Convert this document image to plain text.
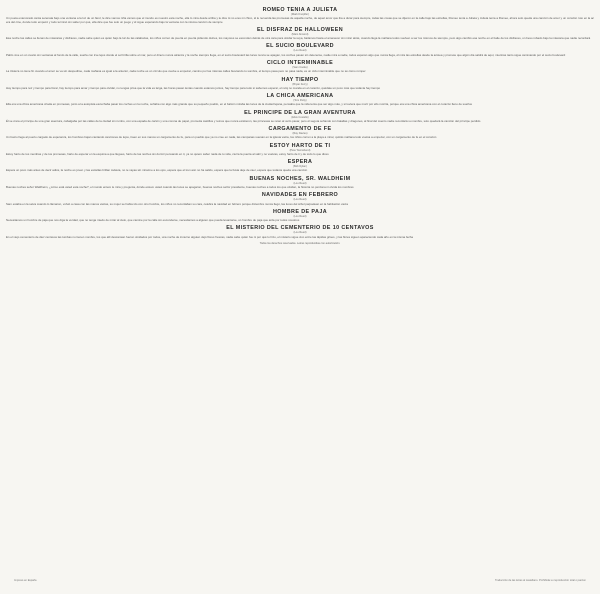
ROMEO TENIA A JULIETA
(Mark Knopfler)
Un poeta enamorado canta serenata bajo una ventana a la luz de un farol, le dice vamos niña vamos que el mundo es nuestro esta noche, ella lo mira desde arriba y le dice tú no eres mi chico, él le recuerda las promesas de aquella noche, de aquel amor que iba a durar para siempre, todas las cosas que se dijeron en la calle bajo las estrellas, Romeo tenía a Julieta y Julieta tenía a Romeo, ahora solo queda una canción de amor y un corazón roto en la acera del cine, donde todo empezó y todo terminó sin saber por qué, ella dice que fue solo un juego y él sigue esperando bajo la ventana con la misma canción de siempre
EL DISFRAZ DE HALLOWEEN
(Marc Almond)
Esa noche las calles se llenan de máscaras y disfraces, nadie sabe quién es quién bajo la luz de las calabazas, los niños corren de puerta en puerta pidiendo dulces, los mayores se esconden detrás de otra cara para olvidar la suya, bailamos hasta el amanecer sin mirar atrás, cuando llega la mañana todos vuelven a ser los mismos de siempre, pero algo cambió esa noche en el baile de los disfraces, un beso robado bajo la máscara que nadie recordará
EL SUCIO BOULEVARD
(Lou Reed)
Pablo vive en un cuarto sin ventanas al fondo de la calle, sueña con irse lejos donde el sol brilla sobre el mar, pero el dinero nunca alcanza y la noche siempre llega, en el sucio boulevard las luces nunca se apagan, los coches pasan sin detenerse, nadie mira a nadie, todos esperan algo que nunca llega, él mira las estrellas desde la azotea y promete que algún día saldrá de aquí, mientras tanto sigue caminando por el sucio boulevard
CICLO INTERMINABLE
(Sam Cooke)
La tristeza no tiene fin cuando el amor se va sin despedirse, cada mañana es igual a la anterior, cada noche es un círculo que vuelve a empezar, camino por las mismas calles buscando tu sombra, el tiempo pasa pero no pasa nada, es un ciclo interminable que no sé cómo romper
HAY TIEMPO
(Bryan Ferry)
Hay tiempo para reír y tiempo para llorar, hay tiempo para amar y tiempo para olvidar, no tengas prisa que la vida es larga, las horas pasan lentas cuando estamos juntos, hay tiempo para todo si sabemos esperar, el reloj no manda en el corazón, quédate un poco más que todavía hay tiempo
LA CHICA AMERICANA
(Tom Petty)
Ella era una chica americana criada en promesas, junto a la autopista escuchaba pasar los coches en la noche, soñaba con algo más grande que su pequeño pueblo, en el balcón miraba las luces de la ciudad lejana, pensaba que la vida tenía que ser algo más, y si tuviera que morir por ello moriría, porque era una chica americana con el corazón lleno de sueños
EL PRINCIPE DE LA GRAN AVENTURA
(Elvis Costello)
Él se creía el príncipe de una gran aventura, cabalgaba por las calles de la ciudad sin rumbo, con una espada de cartón y una corona de papel, prometía castillos y reinos que nunca existieron, las princesas se reían al verlo pasar, pero él seguía soñando con batallas y dragones, al final del cuento nadie recordará su nombre, solo quedará la canción del príncipe perdido
CARGAMENTO DE FE
(Ray Davies)
Un barco llega al puerto cargado de esperanza, los hombres bajan cantando canciones de lejos, traen en sus manos un cargamento de fe, para un pueblo que ya no cree en nada, las campanas suenan en la iglesia vacía, los niños corren a la playa a mirar, quizás mañana todo vuelva a empezar, con un cargamento de fe en el corazón
ESTOY HARTO DE TI
(Pete Townshend)
Estoy harto de tus mentiras y de tus promesas, harto de esperar en la esquina a que llegues, harto de las noches sin dormir pensando en ti, ya no quiero saber nada de tu vida, cierra la puerta al salir y no vuelvas, estoy harto de ti y de todo lo que dices
ESPERA
(Bob Dylan)
Espera un poco más antes de decir adiós, la noche es joven y las estrellas brillan todavía, no te vayas sin mirarme a los ojos, espera que el tren aún no ha salido, espera que la lluvia deje de caer, espera que todavía queda una canción
BUENAS NOCHES, SR. WALDHEIM
(Lou Reed)
Buenas noches señor Waldheim, ¿cómo está usted esta noche?, el mundo entero le mira y pregunta, dónde estuvo usted cuando las luces se apagaron, buenas noches señor presidente, buenas noches a todos los que olvidan, la historia no perdona ni olvida los nombres
NAVIDADES EN FEBRERO
(Lou Reed)
Sam estaba en la selva cuando lo llamaron, volvió a casa con las manos vacías, su mujer se había ido con otro hombre, los niños no recordaban su cara, celebra la navidad en febrero porque diciembre nunca llegó, las luces del árbol parpadean en la habitación vacía
HOMBRE DE PAJA
(Lou Reed)
Necesitamos un hombre de paja que nos diga la verdad, que no tenga miedo de mirar al cielo, que camine por la calle sin esconderse, necesitamos a alguien que pueda levantarse, un hombre de paja que arda por todos nosotros
EL MISTERIO DEL CEMENTERIO DE 10 CENTAVOS
(Lou Reed)
En el viejo cementerio de diez centavos las tumbas no tienen nombre, los que allí descansan fueron olvidados por todos, una noche de invierno alguien dejó flores frescas, nadie sabe quién fue ni por qué lo hizo, el misterio sigue vivo entre las lápidas grises, y las flores siguen apareciendo cada año en la misma fecha
Todos los derechos reservados. Letras reproducidas con autorización.
Impreso en España	Traducción de las letras al castellano. Prohibida su reproducción total o parcial.
